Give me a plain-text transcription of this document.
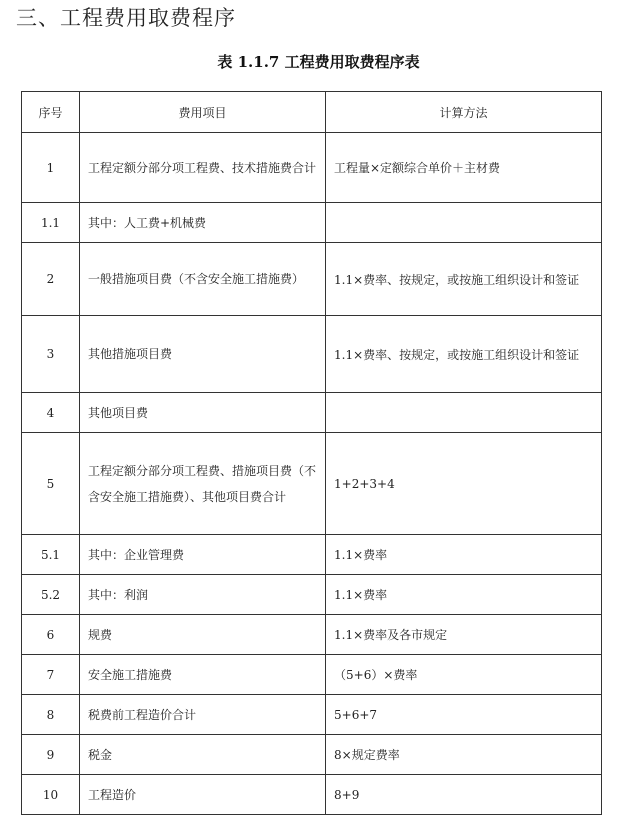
三、工程费用取费程序
表 1.1.7 工程费用取费程序表
序号	费用项目	计算方法
1	工程定额分部分项工程费、技术措施费合计	工程量×定额综合单价＋主材费
1.1	其中：人工费+机械费	
2	一般措施项目费（不含安全施工措施费）	1.1×费率、按规定，或按施工组织设计和签证
3	其他措施项目费	1.1×费率、按规定，或按施工组织设计和签证
4	其他项目费	
5	工程定额分部分项工程费、措施项目费（不含安全施工措施费）、其他项目费合计	1+2+3+4
5.1	其中：企业管理费	1.1×费率
5.2	其中：利润	1.1×费率
6	规费	1.1×费率及各市规定
7	安全施工措施费	（5+6）×费率
8	税费前工程造价合计	5+6+7
9	税金	8×规定费率
10	工程造价	8+9
